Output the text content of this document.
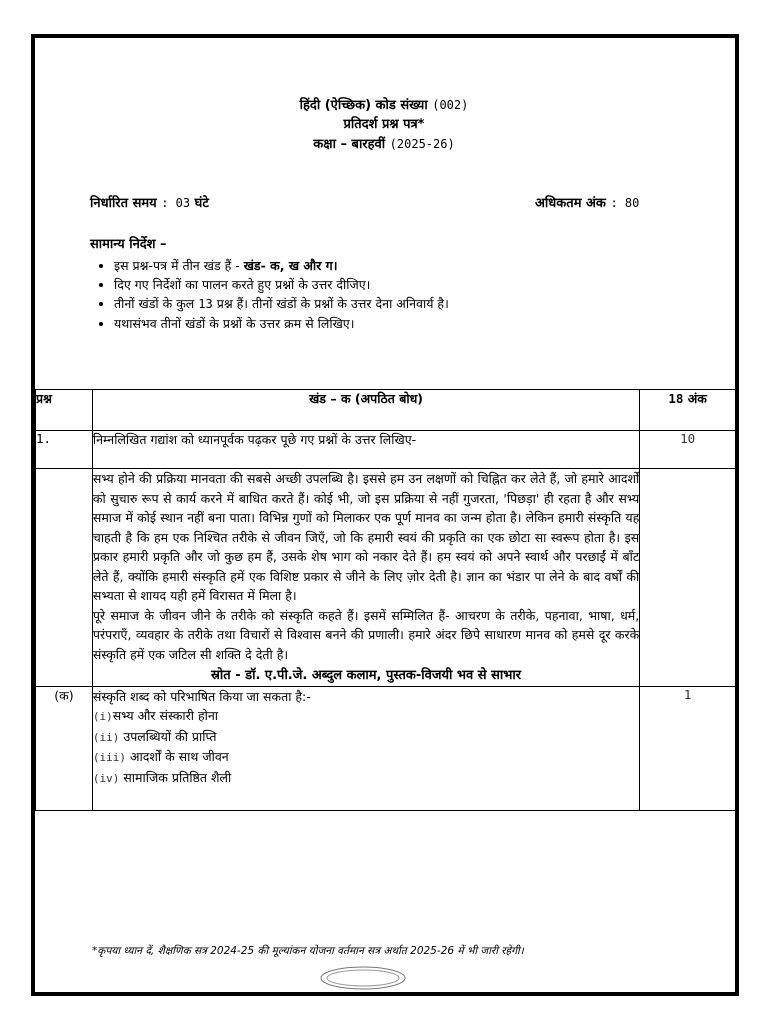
हिंदी (ऐच्छिक) कोड संख्या (002)
प्रतिदर्श प्रश्न पत्र*
कक्षा – बारहवीं (2025-26)
निर्धारित समय : 03 घंटे	अधिकतम अंक : 80
सामान्य निर्देश –
• इस प्रश्न-पत्र में तीन खंड हैं - खंड- क, ख और ग।
• दिए गए निर्देशों का पालन करते हुए प्रश्नों के उत्तर दीजिए।
• तीनों खंडों के कुल 13 प्रश्न हैं। तीनों खंडों के प्रश्नों के उत्तर देना अनिवार्य है।
• यथासंभव तीनों खंडों के प्रश्नों के उत्तर क्रम से लिखिए।
प्रश्न	खंड – क (अपठित बोध)	18 अंक
1.	निम्नलिखित गद्यांश को ध्यानपूर्वक पढ़कर पूछे गए प्रश्नों के उत्तर लिखिए-	10

	सभ्य होने की प्रक्रिया मानवता की सबसे अच्छी उपलब्धि है। इससे हम उन लक्षणों को चिह्नित कर लेते हैं, जो हमारे आदर्शों को सुचारु रूप से कार्य करने में बाधित करते हैं। कोई भी, जो इस प्रक्रिया से नहीं गुजरता, 'पिछड़ा' ही रहता है और सभ्य समाज में कोई स्थान नहीं बना पाता। विभिन्न गुणों को मिलाकर एक पूर्ण मानव का जन्म होता है। लेकिन हमारी संस्कृति यह चाहती है कि हम एक निश्चित तरीके से जीवन जिएँ, जो कि हमारी स्वयं की प्रकृति का एक छोटा सा स्वरूप होता है। इस प्रकार हमारी प्रकृति और जो कुछ हम हैं, उसके शेष भाग को नकार देते हैं। हम स्वयं को अपने स्वार्थ और परछाईं में बाँट लेते हैं, क्योंकि हमारी संस्कृति हमें एक विशिष्ट प्रकार से जीने के लिए ज़ोर देती है। ज्ञान का भंडार पा लेने के बाद वर्षों की सभ्यता से शायद यही हमें विरासत में मिला है।

पूरे समाज के जीवन जीने के तरीके को संस्कृति कहते हैं। इसमें सम्मिलित हैं- आचरण के तरीके, पहनावा, भाषा, धर्म, परंपराएँ, व्यवहार के तरीके तथा विचारों से विश्वास बनने की प्रणाली। हमारे अंदर छिपे साधारण मानव को हमसे दूर करके संस्कृति हमें एक जटिल सी शक्ति दे देती है।

स्रोत - डॉ. ए.पी.जे. अब्दुल कलाम, पुस्तक-विजयी भव से साभार	

(क)	संस्कृति शब्द को परिभाषित किया जा सकता है:-
(i)सभ्य और संस्कारी होना
(ii) उपलब्धियों की प्राप्ति
(iii) आदर्शों के साथ जीवन
(iv) सामाजिक प्रतिष्ठित शैली	1
*कृपया ध्यान दें, शैक्षणिक सत्र 2024-25 की मूल्यांकन योजना वर्तमान सत्र अर्थात 2025-26 में भी जारी रहेगी।
